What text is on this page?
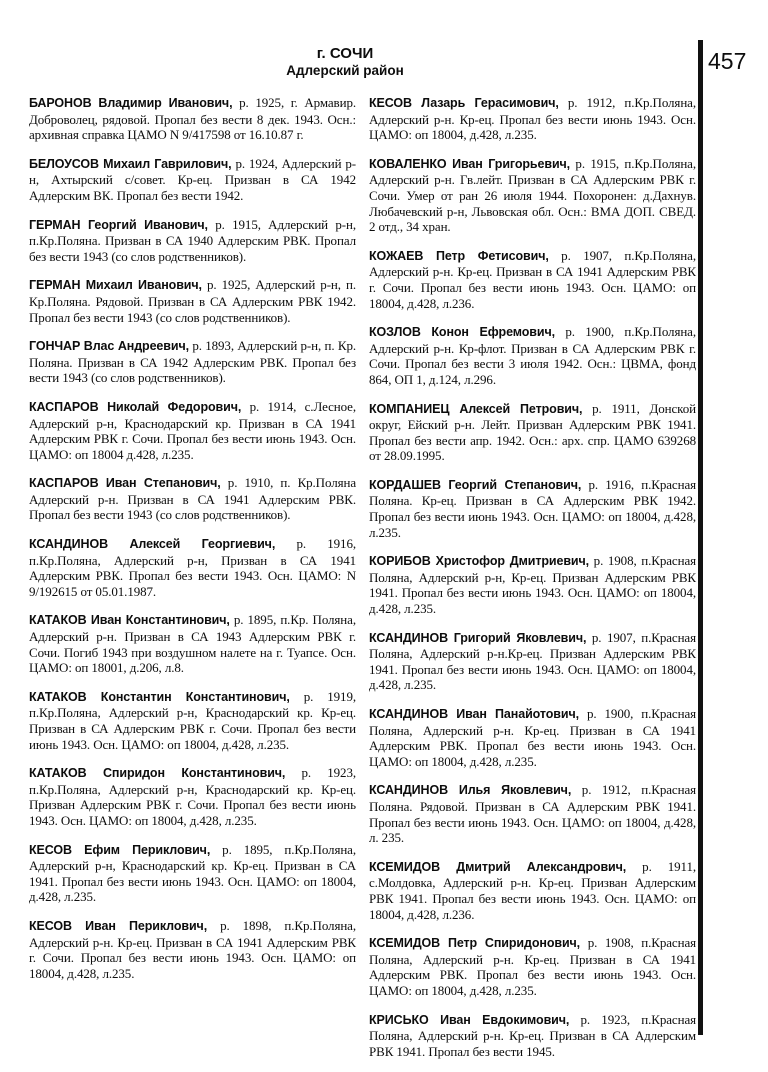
г. СОЧИ
Адлерский район	457

БАРОНОВ Владимир Иванович, р. 1925, г. Армавир. Доброволец, рядовой. Пропал без вести 8 дек. 1943. Осн.: архивная справка ЦАМО N 9/417598 от 16.10.87 г.

БЕЛОУСОВ Михаил Гаврилович, р. 1924, Адлерский р-н, Ахтырский с/совет. Кр-ец. Призван в СА 1942 Адлерским ВК. Пропал без вести 1942.

ГЕРМАН Георгий Иванович, р. 1915, Адлерский р-н, п.Кр.Поляна. Призван в СА 1940 Адлерским РВК. Пропал без вести 1943 (со слов родственников).

ГЕРМАН Михаил Иванович, р. 1925, Адлерский р-н, п. Кр.Поляна. Рядовой. Призван в СА Адлерским РВК 1942. Пропал без вести 1943 (со слов родственников).

ГОНЧАР Влас Андреевич, р. 1893, Адлерский р-н, п. Кр. Поляна. Призван в СА 1942 Адлерским РВК. Пропал без вести 1943 (со слов родственников).

КАСПАРОВ Николай Федорович, р. 1914, с.Лесное, Адлерский р-н, Краснодарский кр. Призван в СА 1941 Адлерским РВК г. Сочи. Пропал без вести июнь 1943. Осн. ЦАМО: оп 18004 д.428, л.235.

КАСПАРОВ Иван Степанович, р. 1910, п. Кр.Поляна Адлерский р-н. Призван в СА 1941 Адлерским РВК. Пропал без вести 1943 (со слов родственников).

КСАНДИНОВ Алексей Георгиевич, р. 1916, п.Кр.Поляна, Адлерский р-н, Призван в СА 1941 Адлерским РВК. Пропал без вести 1943. Осн. ЦАМО: N 9/192615 от 05.01.1987.

КАТАКОВ Иван Константинович, р. 1895, п.Кр. Поляна, Адлерский р-н. Призван в СА 1943 Адлерским РВК г. Сочи. Погиб 1943 при воздушном налете на г. Туапсе. Осн. ЦАМО: оп 18001, д.206, л.8.

КАТАКОВ Константин Константинович, р. 1919, п.Кр.Поляна, Адлерский р-н, Краснодарский кр. Кр-ец. Призван в СА Адлерским РВК г. Сочи. Пропал без вести июнь 1943. Осн. ЦАМО: оп 18004, д.428, л.235.

КАТАКОВ Спиридон Константинович, р. 1923, п.Кр.Поляна, Адлерский р-н, Краснодарский кр. Кр-ец. Призван Адлерским РВК г. Сочи. Пропал без вести июнь 1943. Осн. ЦАМО: оп 18004, д.428, л.235.

КЕСОВ Ефим Периклович, р. 1895, п.Кр.Поляна, Адлерский р-н, Краснодарский кр. Кр-ец. Призван в СА 1941. Пропал без вести июнь 1943. Осн. ЦАМО: оп 18004, д.428, л.235.

КЕСОВ Иван Периклович, р. 1898, п.Кр.Поляна, Адлерский р-н. Кр-ец. Призван в СА 1941 Адлерским РВК г. Сочи. Пропал без вести июнь 1943. Осн. ЦАМО: оп 18004, д.428, л.235.

КЕСОВ Лазарь Герасимович, р. 1912, п.Кр.Поляна, Адлерский р-н. Кр-ец. Пропал без вести июнь 1943. Осн. ЦАМО: оп 18004, д.428, л.235.

КОВАЛЕНКО Иван Григорьевич, р. 1915, п.Кр.Поляна, Адлерский р-н. Гв.лейт. Призван в СА Адлерским РВК г. Сочи. Умер от ран 26 июля 1944. Похоронен: д.Дахнув. Любачевский р-н, Львовская обл. Осн.: ВМА ДОП. СВЕД. 2 отд., 34 хран.

КОЖАЕВ Петр Фетисович, р. 1907, п.Кр.Поляна, Адлерский р-н. Кр-ец. Призван в СА 1941 Адлерским РВК г. Сочи. Пропал без вести июнь 1943. Осн. ЦАМО: оп 18004, д.428, л.236.

КОЗЛОВ Конон Ефремович, р. 1900, п.Кр.Поляна, Адлерский р-н. Кр-флот. Призван в СА Адлерским РВК г. Сочи. Пропал без вести 3 июля 1942. Осн.: ЦВМА, фонд 864, ОП 1, д.124, л.296.

КОМПАНИЕЦ Алексей Петрович, р. 1911, Донской округ, Ейский р-н. Лейт. Призван Адлерским РВК 1941. Пропал без вести апр. 1942. Осн.: арх. спр. ЦАМО 639268 от 28.09.1995.

КОРДАШЕВ Георгий Степанович, р. 1916, п.Красная Поляна. Кр-ец. Призван в СА Адлерским РВК 1942. Пропал без вести июнь 1943. Осн. ЦАМО: оп 18004, д.428, л.235.

КОРИБОВ Христофор Дмитриевич, р. 1908, п.Красная Поляна, Адлерский р-н, Кр-ец. Призван Адлерским РВК 1941. Пропал без вести июнь 1943. Осн. ЦАМО: оп 18004, д.428, л.235.

КСАНДИНОВ Григорий Яковлевич, р. 1907, п.Красная Поляна, Адлерский р-н.Кр-ец. Призван Адлерским РВК 1941. Пропал без вести июнь 1943. Осн. ЦАМО: оп 18004, д.428, л.235.

КСАНДИНОВ Иван Панайотович, р. 1900, п.Красная Поляна, Адлерский р-н. Кр-ец. Призван в СА 1941 Адлерским РВК. Пропал без вести июнь 1943. Осн. ЦАМО: оп 18004, д.428, л.235.

КСАНДИНОВ Илья Яковлевич, р. 1912, п.Красная Поляна. Рядовой. Призван в СА Адлерским РВК 1941. Пропал без вести июнь 1943. Осн. ЦАМО: оп 18004, д.428, л. 235.

КСЕМИДОВ Дмитрий Александрович, р. 1911, с.Молдовка, Адлерский р-н. Кр-ец. Призван Адлерским РВК 1941. Пропал без вести июнь 1943. Осн. ЦАМО: оп 18004, д.428, л.236.

КСЕМИДОВ Петр Спиридонович, р. 1908, п.Красная Поляна, Адлерский р-н. Кр-ец. Призван в СА 1941 Адлерским РВК. Пропал без вести июнь 1943. Осн. ЦАМО: оп 18004, д.428, л.235.

КРИСЬКО Иван Евдокимович, р. 1923, п.Красная Поляна, Адлерский р-н. Кр-ец. Призван в СА Адлерским РВК 1941. Пропал без вести 1945.
